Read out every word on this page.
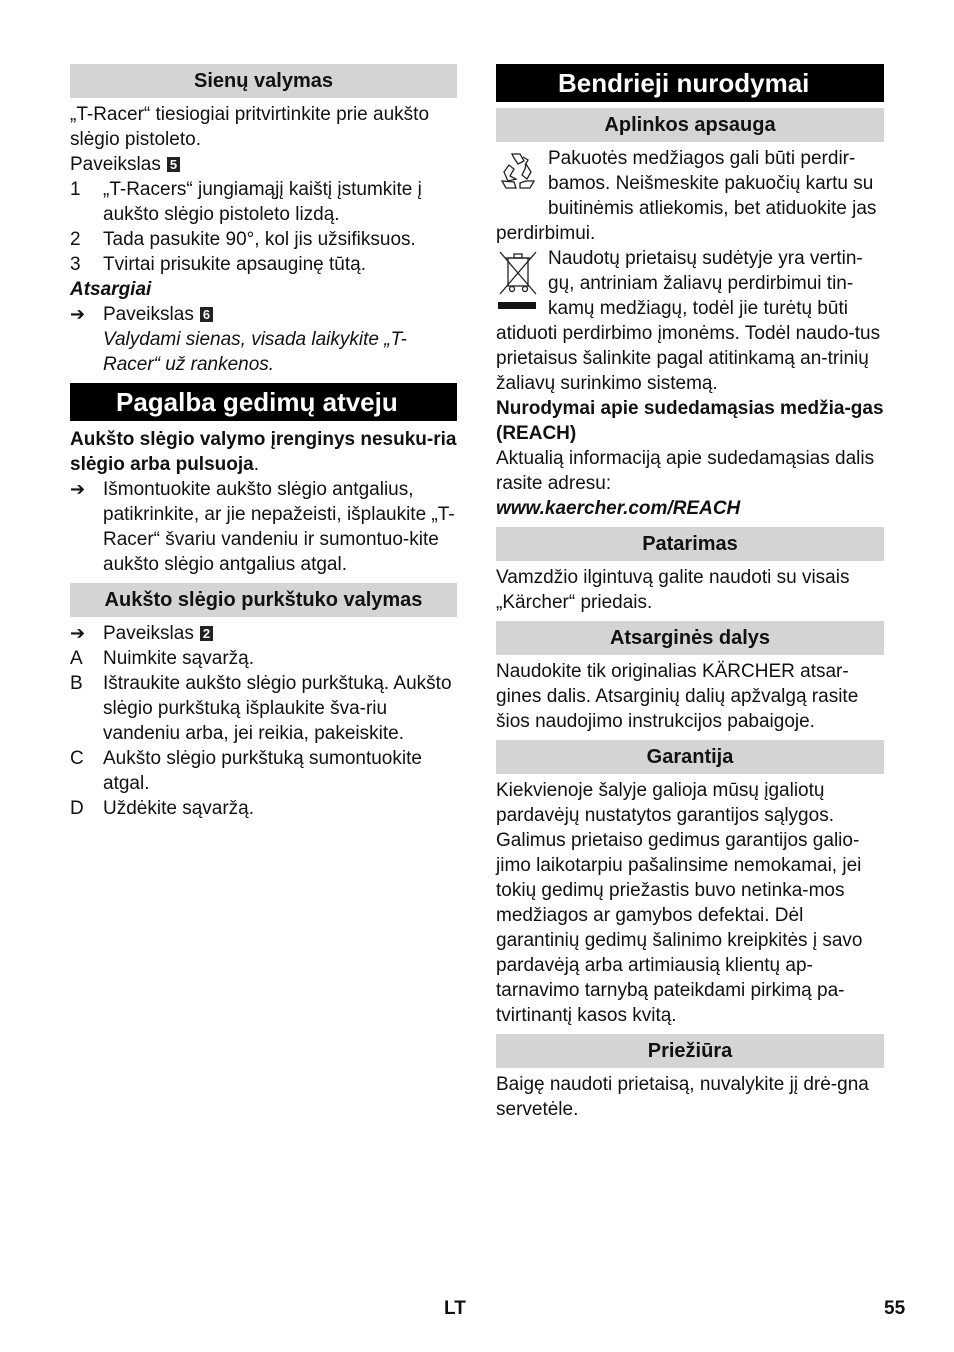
Sienų valymas

„T-Racer“ tiesiogiai pritvirtinkite prie aukšto slėgio pistoleto.

Paveikslas 5

1	„T-Racers“ jungiamąjį kaištį įstumkite į aukšto slėgio pistoleto lizdą.
2	Tada pasukite 90°, kol jis užsifiksuos.
3	Tvirtai prisukite apsauginę tūtą.

Atsargiai

➔ Paveikslas 6
Valydami sienas, visada laikykite „T-Racer“ už rankenos.
Pagalba gedimų atveju

Aukšto slėgio valymo įrenginys nesuku-ria slėgio arba pulsuoja.

➔ Išmontuokite aukšto slėgio antgalius, patikrinkite, ar jie nepažeisti, išplaukite „T-Racer“ švariu vandeniu ir sumontuo-kite aukšto slėgio antgalius atgal.
Aukšto slėgio purkštuko valymas
➔ Paveikslas 2
A	Nuimkite sąvaržą.
B	Ištraukite aukšto slėgio purkštuką. Aukšto slėgio purkštuką išplaukite šva-riu vandeniu arba, jei reikia, pakeiskite.
C	Aukšto slėgio purkštuką sumontuokite atgal.
D	Uždėkite sąvaržą.
Bendrieji nurodymai
Aplinkos apsauga

Pakuotės medžiagos gali būti perdir-bamos. Neišmeskite pakuočių kartu su buitinėmis atliekomis, bet atiduokite jas perdirbimui.

Naudotų prietaisų sudėtyje yra vertin-gų, antriniam žaliavų perdirbimui tin-kamų medžiagų, todėl jie turėtų būti atiduoti perdirbimo įmonėms. Todėl naudo-tus prietaisus šalinkite pagal atitinkamą an-trinių žaliavų surinkimo sistemą.

Nurodymai apie sudedamąsias medžia-gas (REACH)

Aktualią informaciją apie sudedamąsias dalis rasite adresu:

www.kaercher.com/REACH

Patarimas

Vamzdžio ilgintuvą galite naudoti su visais „Kärcher“ priedais.

Atsarginės dalys

Naudokite tik originalias KÄRCHER atsar-gines dalis. Atsarginių dalių apžvalgą rasite šios naudojimo instrukcijos pabaigoje.

Garantija

Kiekvienoje šalyje galioja mūsų įgaliotų pardavėjų nustatytos garantijos sąlygos. Galimus prietaiso gedimus garantijos galio-jimo laikotarpiu pašalinsime nemokamai, jei tokių gedimų priežastis buvo netinka-mos medžiagos ar gamybos defektai. Dėl garantinių gedimų šalinimo kreipkitės į savo pardavėją arba artimiausią klientų ap-tarnavimo tarnybą pateikdami pirkimą pa-tvirtinantį kasos kvitą.

Priežiūra

Baigę naudoti prietaisą, nuvalykite jį drė-gna servetėle.

LT	55
